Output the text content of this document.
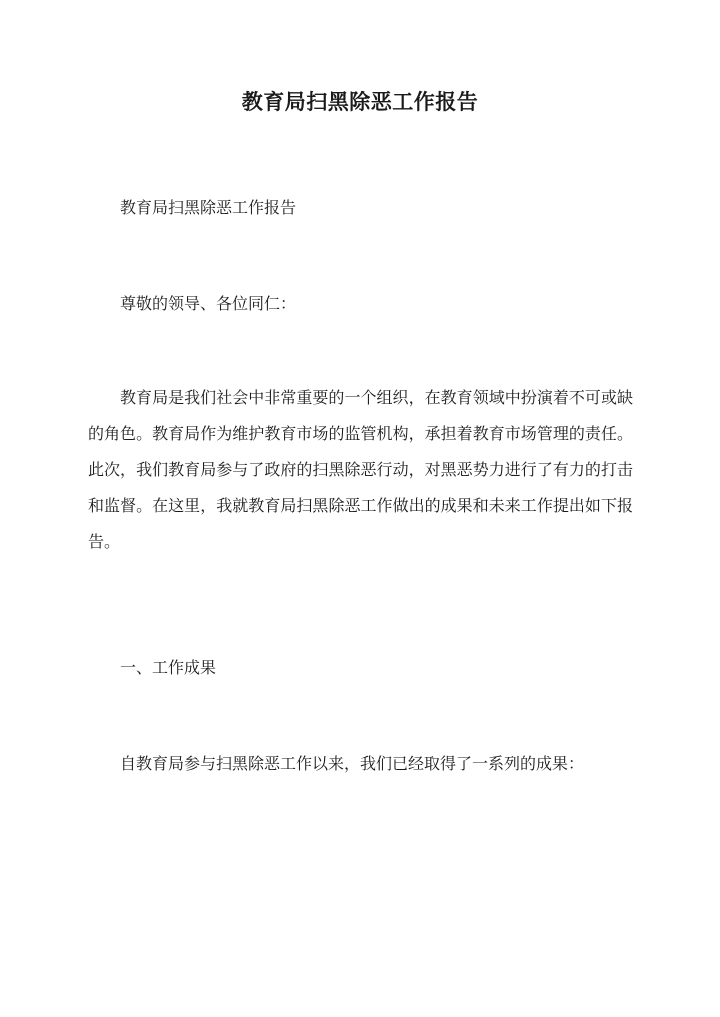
教育局扫黑除恶工作报告

教育局扫黑除恶工作报告

尊敬的领导、各位同仁：

教育局是我们社会中非常重要的一个组织，在教育领域中扮演着不可或缺的角色。教育局作为维护教育市场的监管机构，承担着教育市场管理的责任。此次，我们教育局参与了政府的扫黑除恶行动，对黑恶势力进行了有力的打击和监督。在这里，我就教育局扫黑除恶工作做出的成果和未来工作提出如下报告。

一、工作成果

自教育局参与扫黑除恶工作以来，我们已经取得了一系列的成果：
